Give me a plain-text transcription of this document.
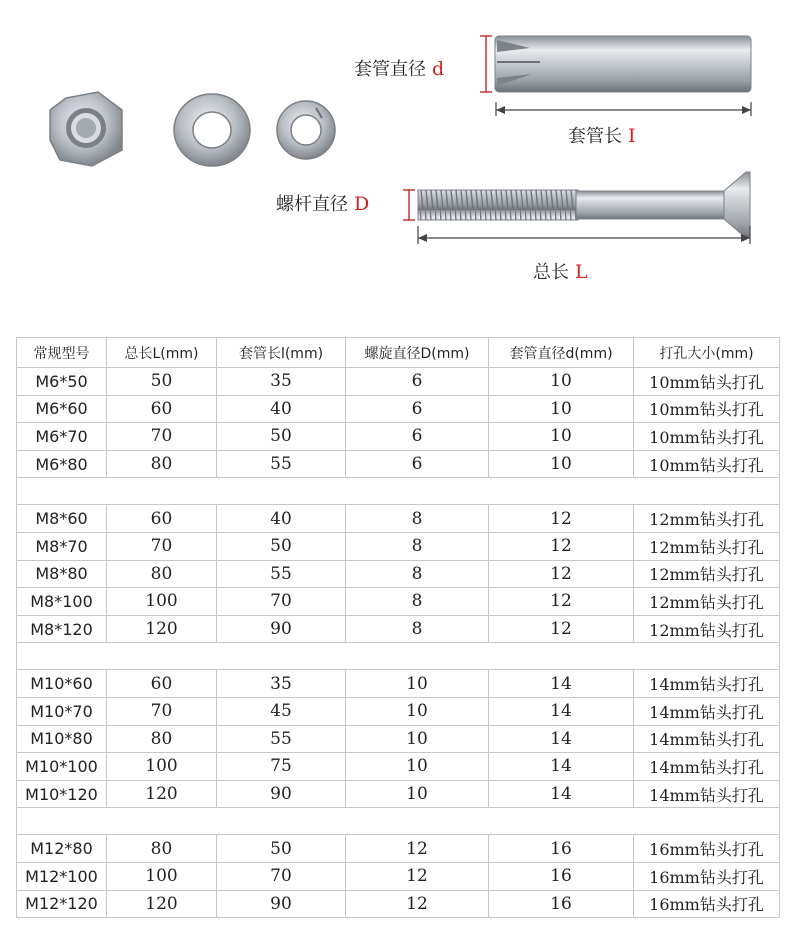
套管直径 d
套管长 I
螺杆直径 D
总长 L
常规型号	总长L(mm)	套管长l(mm)	螺旋直径D(mm)	套管直径d(mm)	打孔大小(mm)
M6*50	50	35	6	10	10mm钻头打孔
M6*60	60	40	6	10	10mm钻头打孔
M6*70	70	50	6	10	10mm钻头打孔
M6*80	80	55	6	10	10mm钻头打孔

M8*60	60	40	8	12	12mm钻头打孔
M8*70	70	50	8	12	12mm钻头打孔
M8*80	80	55	8	12	12mm钻头打孔
M8*100	100	70	8	12	12mm钻头打孔
M8*120	120	90	8	12	12mm钻头打孔

M10*60	60	35	10	14	14mm钻头打孔
M10*70	70	45	10	14	14mm钻头打孔
M10*80	80	55	10	14	14mm钻头打孔
M10*100	100	75	10	14	14mm钻头打孔
M10*120	120	90	10	14	14mm钻头打孔

M12*80	80	50	12	16	16mm钻头打孔
M12*100	100	70	12	16	16mm钻头打孔
M12*120	120	90	12	16	16mm钻头打孔
